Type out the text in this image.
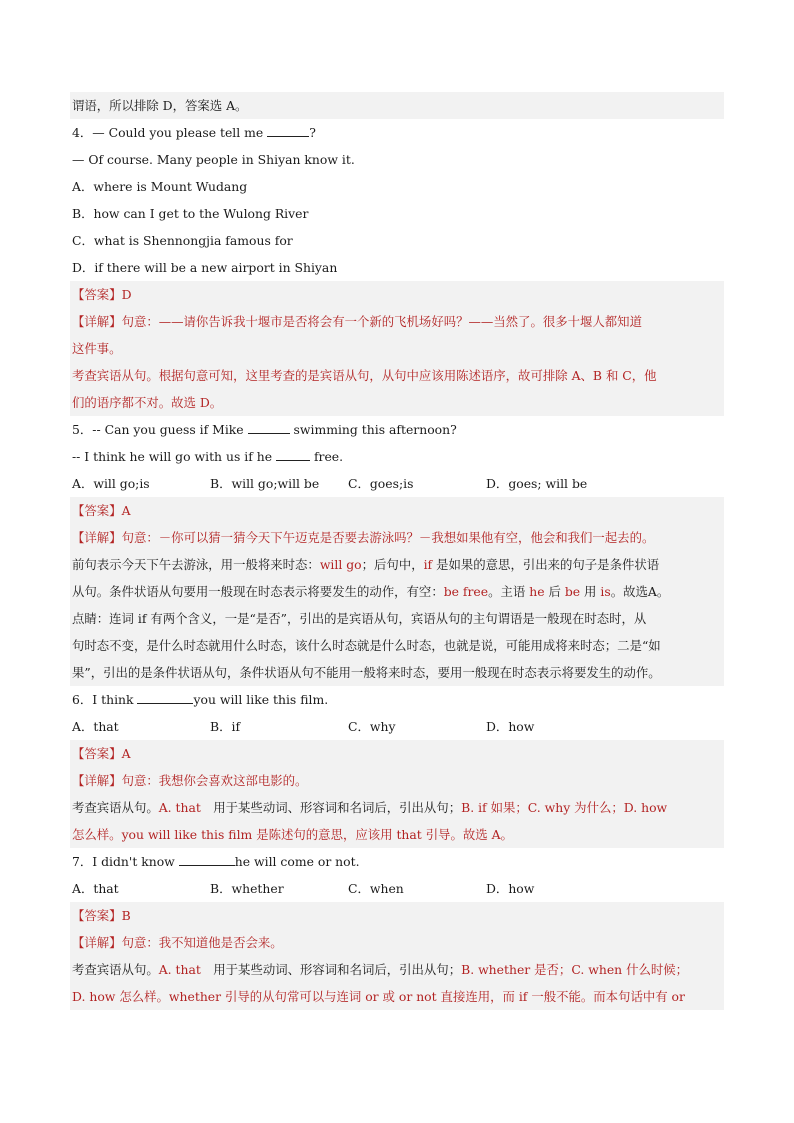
谓语，所以排除 D，答案选 A。
4．— Could you please tell me	?
— Of course. Many people in Shiyan know it.
A．where is Mount Wudang
B．how can I get to the Wulong River
C．what is Shennongjia famous for
D．if there will be a new airport in Shiyan
【答案】D
【详解】句意：——请你告诉我十堰市是否将会有一个新的飞机场好吗？——当然了。很多十堰人都知道
这件事。
考查宾语从句。根据句意可知，这里考查的是宾语从句，从句中应该用陈述语序，故可排除 A、B 和 C，他
们的语序都不对。故选 D。
5．-- Can you guess if Mike	swimming this afternoon?
-- I think he will go with us if he	free.
A．will go;is	B．will go;will be	C．goes;is	D．goes; will be
【答案】A
【详解】句意：－你可以猜一猜今天下午迈克是否要去游泳吗？－我想如果他有空，他会和我们一起去的。
前句表示今天下午去游泳，用一般将来时态：will go；后句中，if 是如果的意思，引出来的句子是条件状语
从句。条件状语从句要用一般现在时态表示将要发生的动作，有空：be free。主语 he 后 be 用 is。故选A。
点睛：连词 if 有两个含义，一是“是否”，引出的是宾语从句，宾语从句的主句谓语是一般现在时态时，从
句时态不变，是什么时态就用什么时态，该什么时态就是什么时态，也就是说，可能用成将来时态；二是“如
果”，引出的是条件状语从句，条件状语从句不能用一般将来时态，要用一般现在时态表示将要发生的动作。
6．I think	you will like this film.
A．that	B．if	C．why	D．how
【答案】A
【详解】句意：我想你会喜欢这部电影的。
考查宾语从句。A. that　用于某些动词、形容词和名词后，引出从句；B. if 如果；C. why 为什么；D. how
怎么样。you will like this film 是陈述句的意思，应该用 that 引导。故选 A。
7．I didn't know	he will come or not.
A．that	B．whether	C．when	D．how
【答案】B
【详解】句意：我不知道他是否会来。
考查宾语从句。A. that　用于某些动词、形容词和名词后，引出从句；B. whether 是否；C. when 什么时候；
D. how 怎么样。whether 引导的从句常可以与连词 or 或 or not 直接连用，而 if 一般不能。而本句话中有 or
